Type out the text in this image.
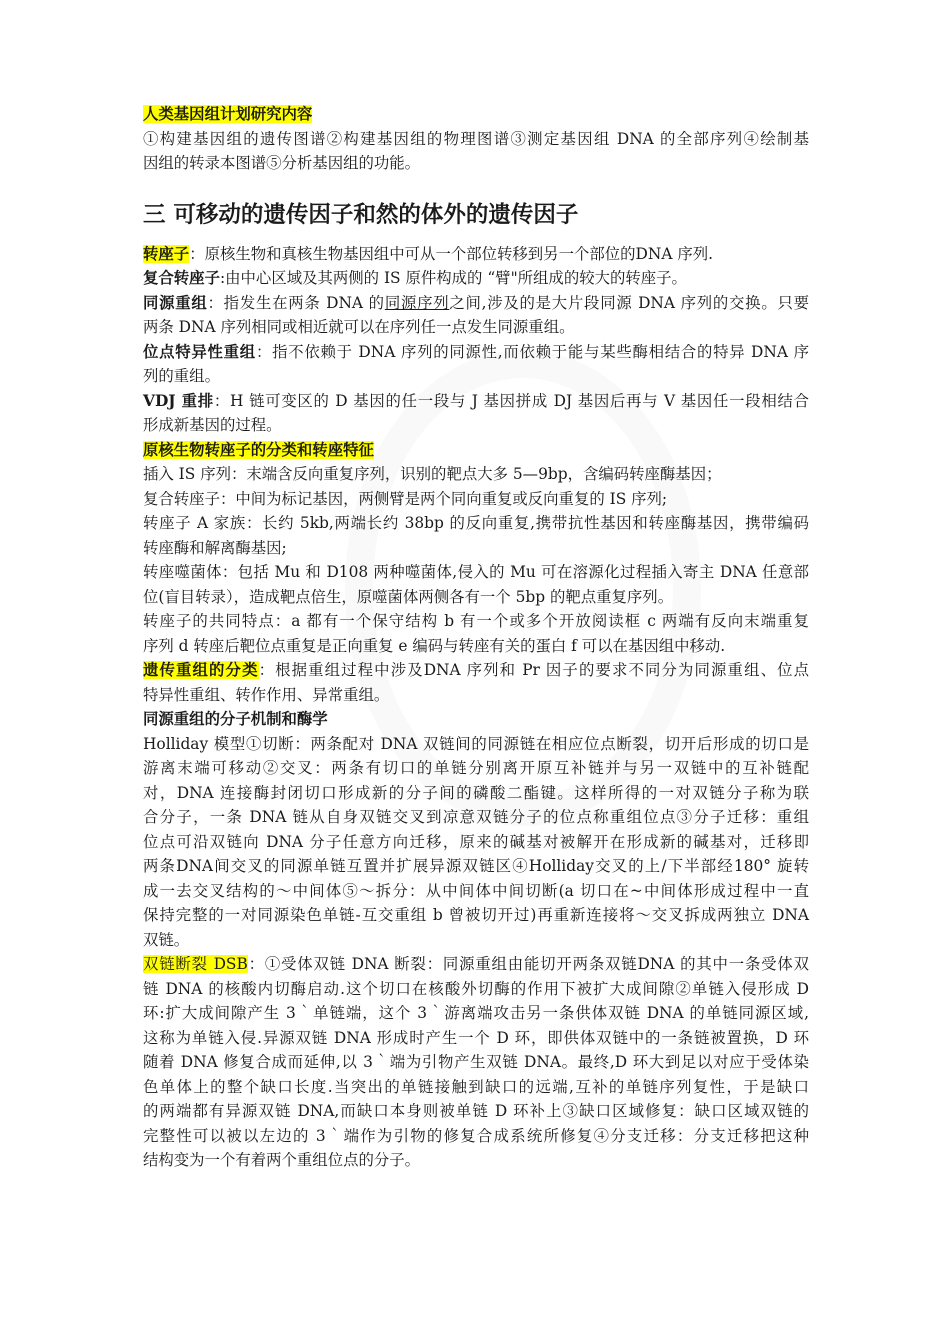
人类基因组计划研究内容

①构建基因组的遗传图谱②构建基因组的物理图谱③测定基因组 DNA 的全部序列④绘制基

因组的转录本图谱⑤分析基因组的功能。

三 可移动的遗传因子和然的体外的遗传因子

转座子：原核生物和真核生物基因组中可从一个部位转移到另一个部位的DNA 序列.

复合转座子:由中心区域及其两侧的 IS 原件构成的 “臂"所组成的较大的转座子。

同源重组：指发生在两条 DNA 的同源序列之间,涉及的是大片段同源 DNA 序列的交换。只要

两条 DNA 序列相同或相近就可以在序列任一点发生同源重组。

位点特异性重组：指不依赖于 DNA 序列的同源性,而依赖于能与某些酶相结合的特异 DNA 序

列的重组。

VDJ 重排：H 链可变区的 D 基因的任一段与 J 基因拼成 DJ 基因后再与 V 基因任一段相结合

形成新基因的过程。

原核生物转座子的分类和转座特征

插入 IS 序列：末端含反向重复序列，识别的靶点大多 5—9bp，含编码转座酶基因；

复合转座子：中间为标记基因，两侧臂是两个同向重复或反向重复的 IS 序列;

转座子 A 家族：长约 5kb,两端长约 38bp 的反向重复,携带抗性基因和转座酶基因，携带编码

转座酶和解离酶基因;

转座噬菌体：包括 Mu 和 D108 两种噬菌体,侵入的 Mu 可在溶源化过程插入寄主 DNA 任意部

位(盲目转录），造成靶点倍生，原噬菌体两侧各有一个 5bp 的靶点重复序列。

转座子的共同特点：a 都有一个保守结构 b 有一个或多个开放阅读框 c 两端有反向末端重复

序列 d 转座后靶位点重复是正向重复 e 编码与转座有关的蛋白 f 可以在基因组中移动.

遗传重组的分类：根据重组过程中涉及DNA 序列和 Pr 因子的要求不同分为同源重组、位点

特异性重组、转作作用、异常重组。

同源重组的分子机制和酶学

Holliday 模型①切断：两条配对 DNA 双链间的同源链在相应位点断裂，切开后形成的切口是

游离末端可移动②交叉：两条有切口的单链分别离开原互补链并与另一双链中的互补链配

对，DNA 连接酶封闭切口形成新的分子间的磷酸二酯键。这样所得的一对双链分子称为联

合分子，一条 DNA 链从自身双链交叉到凉意双链分子的位点称重组位点③分子迁移：重组

位点可沿双链向 DNA 分子任意方向迁移，原来的碱基对被解开在形成新的碱基对，迁移即

两条DNA间交叉的同源单链互置并扩展异源双链区④Holliday交叉的上/下半部经180° 旋转

成一去交叉结构的～中间体⑤～拆分：从中间体中间切断(a 切口在~中间体形成过程中一直

保持完整的一对同源染色单链-互交重组 b 曾被切开过)再重新连接将～交叉拆成两独立 DNA

双链。

双链断裂 DSB：①受体双链 DNA 断裂：同源重组由能切开两条双链DNA 的其中一条受体双

链 DNA 的核酸内切酶启动.这个切口在核酸外切酶的作用下被扩大成间隙②单链入侵形成 D

环:扩大成间隙产生 3｀单链端，这个 3｀游离端攻击另一条供体双链 DNA 的单链同源区域,

这称为单链入侵.异源双链 DNA 形成时产生一个 D 环，即供体双链中的一条链被置换，D 环

随着 DNA 修复合成而延伸,以 3｀端为引物产生双链 DNA。最终,D 环大到足以对应于受体染

色单体上的整个缺口长度.当突出的单链接触到缺口的远端,互补的单链序列复性，于是缺口

的两端都有异源双链 DNA,而缺口本身则被单链 D 环补上③缺口区域修复：缺口区域双链的

完整性可以被以左边的 3｀端作为引物的修复合成系统所修复④分支迁移：分支迁移把这种

结构变为一个有着两个重组位点的分子。
